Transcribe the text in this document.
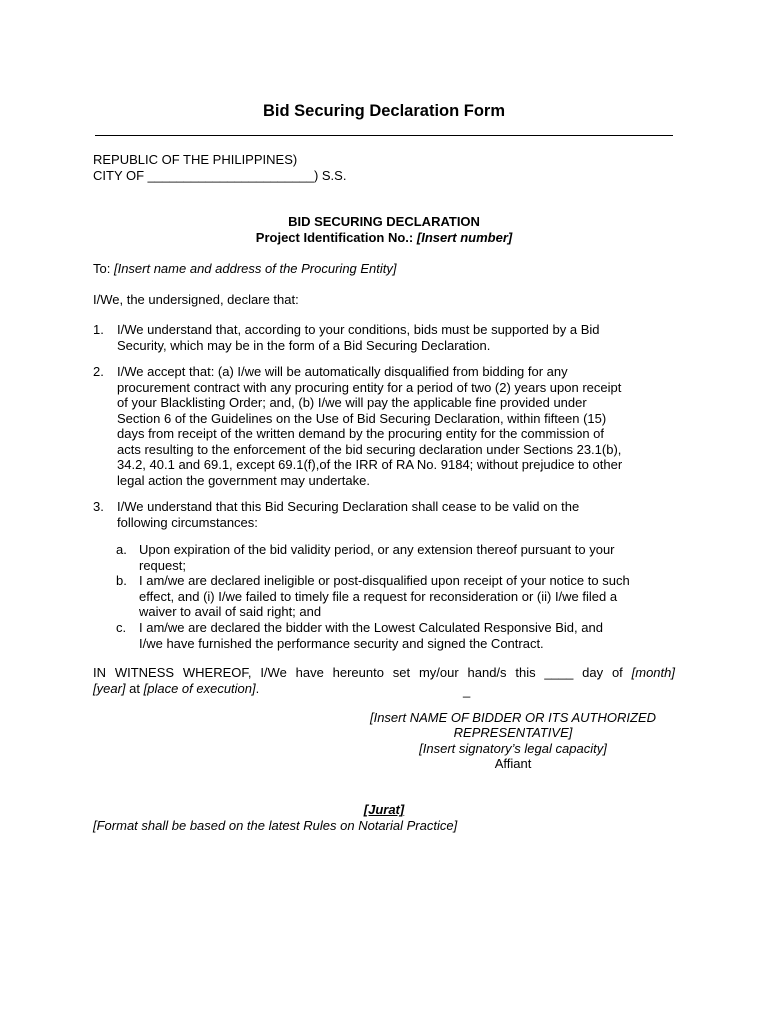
Bid Securing Declaration Form
REPUBLIC OF THE PHILIPPINES)
CITY OF _______________________) S.S.
BID SECURING DECLARATION
Project Identification No.: [Insert number]
To: [Insert name and address of the Procuring Entity]
I/We, the undersigned, declare that:
1. I/We understand that, according to your conditions, bids must be supported by a Bid
Security, which may be in the form of a Bid Securing Declaration.
2. I/We accept that: (a) I/we will be automatically disqualified from bidding for any
procurement contract with any procuring entity for a period of two (2) years upon receipt
of your Blacklisting Order; and, (b) I/we will pay the applicable fine provided under
Section 6 of the Guidelines on the Use of Bid Securing Declaration, within fifteen (15)
days from receipt of the written demand by the procuring entity for the commission of
acts resulting to the enforcement of the bid securing declaration under Sections 23.1(b),
34.2, 40.1 and 69.1, except 69.1(f),of the IRR of RA No. 9184; without prejudice to other
legal action the government may undertake.
3. I/We understand that this Bid Securing Declaration shall cease to be valid on the
following circumstances:
a. Upon expiration of the bid validity period, or any extension thereof pursuant to your
request;
b. I am/we are declared ineligible or post-disqualified upon receipt of your notice to such
effect, and (i) I/we failed to timely file a request for reconsideration or (ii) I/we filed a
waiver to avail of said right; and
c. I am/we are declared the bidder with the Lowest Calculated Responsive Bid, and
I/we have furnished the performance security and signed the Contract.
IN WITNESS WHEREOF, I/We have hereunto set my/our hand/s this ____ day of [month]
[year] at [place of execution].	_
[Insert NAME OF BIDDER OR ITS AUTHORIZED
REPRESENTATIVE]
[Insert signatory’s legal capacity]
Affiant
[Jurat]
[Format shall be based on the latest Rules on Notarial Practice]
